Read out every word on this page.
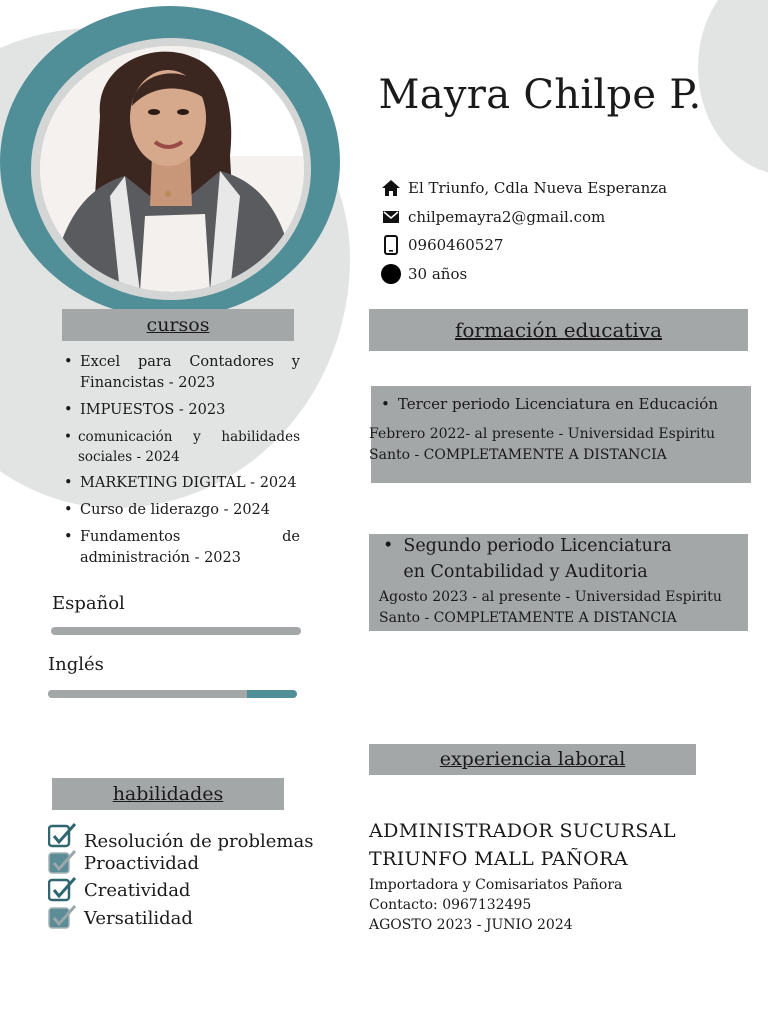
Mayra Chilpe P.
El Triunfo, Cdla Nueva Esperanza
chilpemayra2@gmail.com
0960460527
30 años
cursos
• Excel para Contadores y Financistas - 2023
• IMPUESTOS - 2023
• comunicación y habilidades sociales - 2024
• MARKETING DIGITAL - 2024
• Curso de liderazgo - 2024
• Fundamentos de administración - 2023
Español
Inglés
habilidades
Resolución de problemas
Proactividad
Creatividad
Versatilidad
formación educativa
• Tercer periodo Licenciatura en Educación
Febrero 2022- al presente - Universidad Espiritu Santo - COMPLETAMENTE A DISTANCIA
• Segundo periodo Licenciatura en Contabilidad y Auditoria
Agosto 2023 - al presente - Universidad Espiritu Santo - COMPLETAMENTE A DISTANCIA
experiencia laboral
ADMINISTRADOR SUCURSAL
TRIUNFO MALL PAÑORA
Importadora y Comisariatos Pañora
Contacto: 0967132495
AGOSTO 2023 - JUNIO 2024
